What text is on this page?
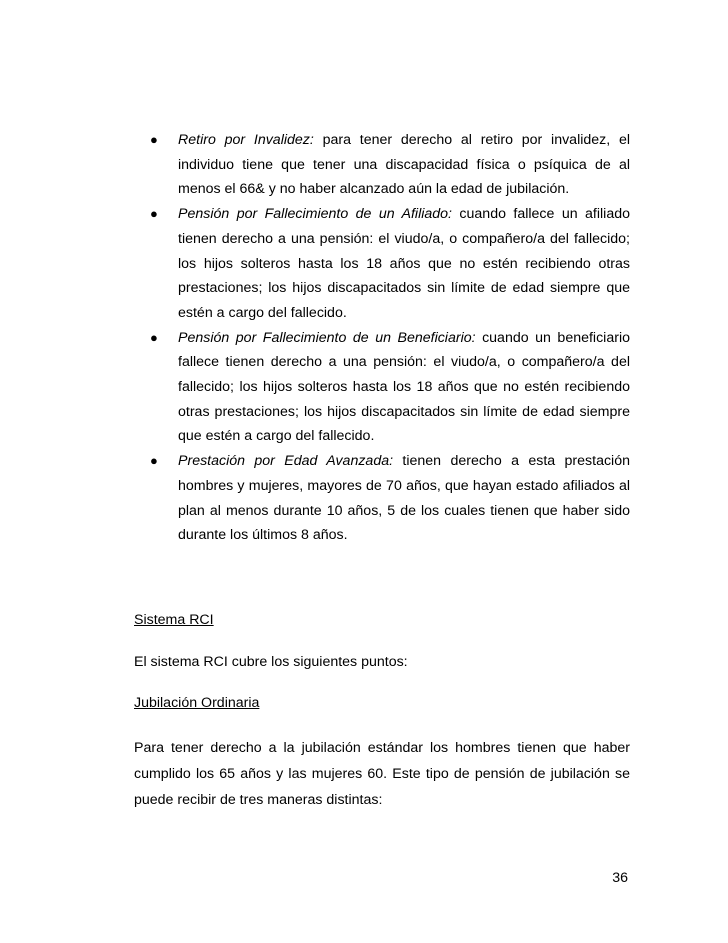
● Retiro por Invalidez: para tener derecho al retiro por invalidez, el individuo tiene que tener una discapacidad física o psíquica de al menos el 66& y no haber alcanzado aún la edad de jubilación.
● Pensión por Fallecimiento de un Afiliado: cuando fallece un afiliado tienen derecho a una pensión: el viudo/a, o compañero/a del fallecido; los hijos solteros hasta los 18 años que no estén recibiendo otras prestaciones; los hijos discapacitados sin límite de edad siempre que estén a cargo del fallecido.
● Pensión por Fallecimiento de un Beneficiario: cuando un beneficiario fallece tienen derecho a una pensión: el viudo/a, o compañero/a del fallecido; los hijos solteros hasta los 18 años que no estén recibiendo otras prestaciones; los hijos discapacitados sin límite de edad siempre que estén a cargo del fallecido.
● Prestación por Edad Avanzada: tienen derecho a esta prestación hombres y mujeres, mayores de 70 años, que hayan estado afiliados al plan al menos durante 10 años, 5 de los cuales tienen que haber sido durante los últimos 8 años.

Sistema RCI

El sistema RCI cubre los siguientes puntos:

Jubilación Ordinaria

Para tener derecho a la jubilación estándar los hombres tienen que haber cumplido los 65 años y las mujeres 60. Este tipo de pensión de jubilación se puede recibir de tres maneras distintas:

36
